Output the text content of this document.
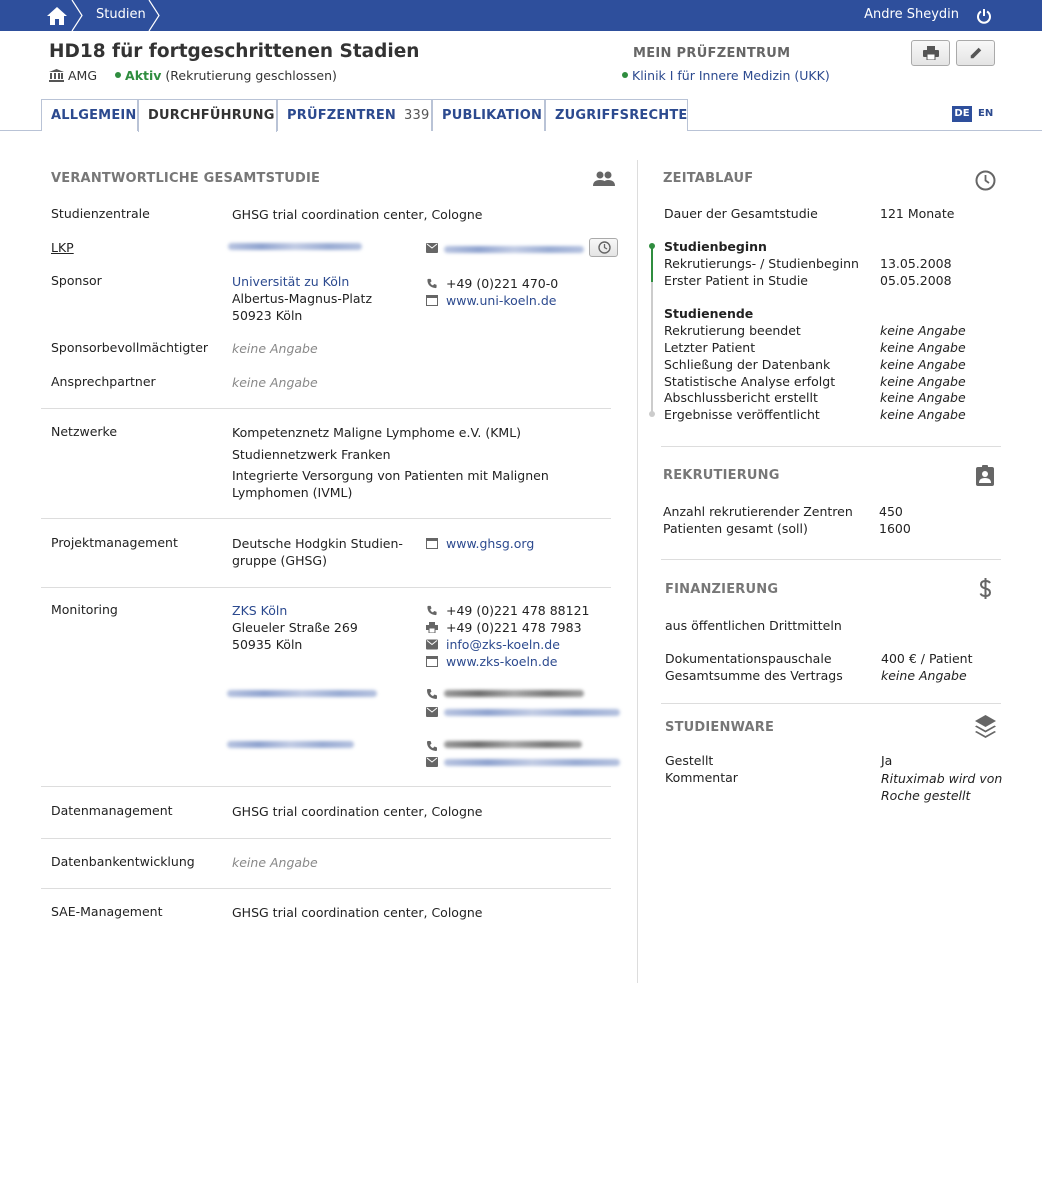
Studien	Andre Sheydin
HD18 für fortgeschrittenen Stadien
AMG Aktiv (Rekrutierung geschlossen)
MEIN PRÜFZENTRUM
Klinik I für Innere Medizin (UKK)
ALLGEMEIN DURCHFÜHRUNG PRÜFZENTREN 339 PUBLIKATION ZUGRIFFSRECHTE	DE EN
VERANTWORTLICHE GESAMTSTUDIE
Studienzentrale	GHSG trial coordination center, Cologne
LKP
Sponsor	Universität zu Köln
Albertus-Magnus-Platz
50923 Köln
+49 (0)221 470-0
www.uni-koeln.de
Sponsorbevollmächtigter keine Angabe
Ansprechpartner	keine Angabe
Netzwerke	Kompetenznetz Maligne Lymphome e.V. (KML)
Studiennetzwerk Franken
Integrierte Versorgung von Patienten mit Malignen
Lymphomen (IVML)
Projektmanagement	Deutsche Hodgkin Studien-
gruppe (GHSG)
www.ghsg.org
Monitoring	ZKS Köln
Gleueler Straße 269
50935 Köln
+49 (0)221 478 88121
+49 (0)221 478 7983
info@zks-koeln.de
www.zks-koeln.de
Datenmanagement	GHSG trial coordination center, Cologne
Datenbankentwicklung	keine Angabe
SAE-Management	GHSG trial coordination center, Cologne
ZEITABLAUF
Dauer der Gesamtstudie	121 Monate
Studienbeginn
Rekrutierungs- / Studienbeginn 13.05.2008
Erster Patient in Studie	05.05.2008
Studienende
Rekrutierung beendet	keine Angabe
Letzter Patient	keine Angabe
Schließung der Datenbank	keine Angabe
Statistische Analyse erfolgt	keine Angabe
Abschlussbericht erstellt	keine Angabe
Ergebnisse veröffentlicht	keine Angabe
REKRUTIERUNG
Anzahl rekrutierender Zentren 450
Patienten gesamt (soll)	1600
FINANZIERUNG
aus öffentlichen Drittmitteln
Dokumentationspauschale	400 € / Patient
Gesamtsumme des Vertrags	keine Angabe
STUDIENWARE
Gestellt	Ja
Kommentar	Rituximab wird von
Roche gestellt
